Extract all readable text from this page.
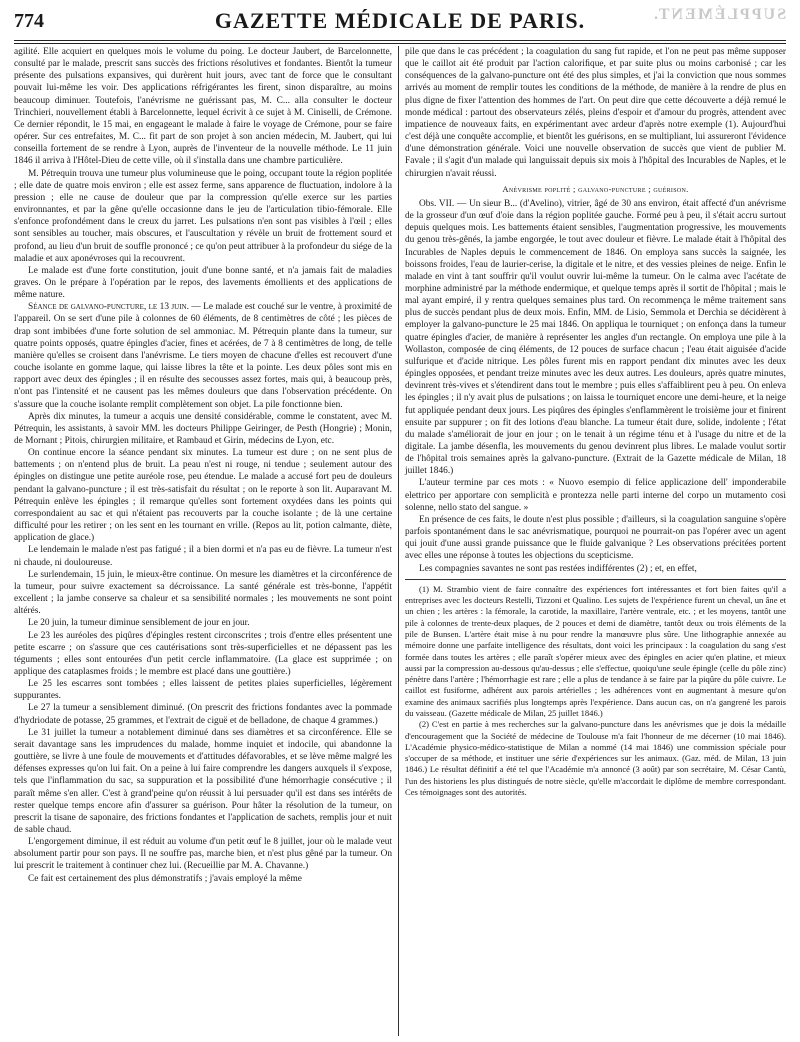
774	GAZETTE MÉDICALE DE PARIS.	SUPPLÉMENT.

agilité. Elle acquiert en quelques mois le volume du poing. Le docteur Jaubert, de Barcelonnette, consulté par le malade, prescrit sans succès des frictions résolutives et fondantes. Bientôt la tumeur présente des pulsations expansives, qui durèrent huit jours, avec tant de force que le consultant pouvait lui-même les voir. Des applications réfrigérantes les firent, sinon disparaître, au moins beaucoup diminuer. Toutefois, l'anévrisme ne guérissant pas, M. C... alla consulter le docteur Trinchieri, nouvellement établi à Barcelonnette, lequel écrivit à ce sujet à M. Ciniselli, de Crémone. Ce dernier répondit, le 15 mai, en engageant le malade à faire le voyage de Crémone, pour se faire opérer. Sur ces entrefaites, M. C... fit part de son projet à son ancien médecin, M. Jaubert, qui lui conseilla fortement de se rendre à Lyon, auprès de l'inventeur de la nouvelle méthode. Le 11 juin 1846 il arriva à l'Hôtel-Dieu de cette ville, où il s'installa dans une chambre particulière.

M. Pétrequin trouva une tumeur plus volumineuse que le poing, occupant toute la région poplitée ; elle date de quatre mois environ ; elle est assez ferme, sans apparence de fluctuation, indolore à la pression ; elle ne cause de douleur que par la compression qu'elle exerce sur les parties environnantes, et par la gêne qu'elle occasionne dans le jeu de l'articulation tibio-fémorale. Elle s'enfonce profondément dans le creux du jarret. Les pulsations n'en sont pas visibles à l'œil ; elles sont sensibles au toucher, mais obscures, et l'auscultation y révèle un bruit de frottement sourd et profond, au lieu d'un bruit de souffle prononcé ; ce qu'on peut attribuer à la profondeur du siége de la maladie et aux aponévroses qui la recouvrent.

Le malade est d'une forte constitution, jouit d'une bonne santé, et n'a jamais fait de maladies graves. On le prépare à l'opération par le repos, des lavements émollients et des applications de même nature.

Séance de galvano-puncture, le 13 juin. — Le malade est couché sur le ventre, à proximité de l'appareil. On se sert d'une pile à colonnes de 60 éléments, de 8 centimètres de côté ; les pièces de drap sont imbibées d'une forte solution de sel ammoniac. M. Pétrequin plante dans la tumeur, sur quatre points opposés, quatre épingles d'acier, fines et acérées, de 7 à 8 centimètres de long, de telle manière qu'elles se croisent dans l'anévrisme. Le tiers moyen de chacune d'elles est recouvert d'une couche isolante en gomme laque, qui laisse libres la tête et la pointe. Les deux pôles sont mis en rapport avec deux des épingles ; il en résulte des secousses assez fortes, mais qui, à beaucoup près, n'ont pas l'intensité et ne causent pas les mêmes douleurs que dans l'observation précédente. On s'assure que la couche isolante remplit complètement son objet. La pile fonctionne bien.

Après dix minutes, la tumeur a acquis une densité considérable, comme le constatent, avec M. Pétrequin, les assistants, à savoir MM. les docteurs Philippe Geiringer, de Pesth (Hongrie) ; Monin, de Mornant ; Pitois, chirurgien militaire, et Rambaud et Girin, médecins de Lyon, etc.

On continue encore la séance pendant six minutes. La tumeur est dure ; on ne sent plus de battements ; on n'entend plus de bruit. La peau n'est ni rouge, ni tendue ; seulement autour des épingles on distingue une petite auréole rose, peu étendue. Le malade a accusé fort peu de douleurs pendant la galvano-puncture ; il est très-satisfait du résultat ; on le reporte à son lit. Auparavant M. Pétrequin enlève les épingles ; il remarque qu'elles sont fortement oxydées dans les points qui correspondaient au sac et qui n'étaient pas recouverts par la couche isolante ; de là une certaine difficulté pour les retirer ; on les sent en les tournant en vrille. (Repos au lit, potion calmante, diète, application de glace.)

Le lendemain le malade n'est pas fatigué ; il a bien dormi et n'a pas eu de fièvre. La tumeur n'est ni chaude, ni douloureuse.

Le surlendemain, 15 juin, le mieux-être continue. On mesure les diamètres et la circonférence de la tumeur, pour suivre exactement sa décroissance. La santé générale est très-bonne, l'appétit excellent ; la jambe conserve sa chaleur et sa sensibilité normales ; les mouvements ne sont point altérés.

Le 20 juin, la tumeur diminue sensiblement de jour en jour.

Le 23 les auréoles des piqûres d'épingles restent circonscrites ; trois d'entre elles présentent une petite escarre ; on s'assure que ces cautérisations sont très-superficielles et ne dépassent pas les téguments ; elles sont entourées d'un petit cercle inflammatoire. (La glace est supprimée ; on applique des cataplasmes froids ; le membre est placé dans une gouttière.)

Le 25 les escarres sont tombées ; elles laissent de petites plaies superficielles, légèrement suppurantes.

Le 27 la tumeur a sensiblement diminué. (On prescrit des frictions fondantes avec la pommade d'hydriodate de potasse, 25 grammes, et l'extrait de ciguë et de belladone, de chaque 4 grammes.)

Le 31 juillet la tumeur a notablement diminué dans ses diamètres et sa circonférence. Elle se serait davantage sans les imprudences du malade, homme inquiet et indocile, qui abandonne la gouttière, se livre à une foule de mouvements et d'attitudes défavorables, et se lève même malgré les défenses expresses qu'on lui fait. On a peine à lui faire comprendre les dangers auxquels il s'expose, tels que l'inflammation du sac, sa suppuration et la possibilité d'une hémorrhagie consécutive ; il paraît même s'en aller. C'est à grand'peine qu'on réussit à lui persuader qu'il est dans ses intérêts de rester quelque temps encore afin d'assurer sa guérison. Pour hâter la résolution de la tumeur, on prescrit la tisane de saponaire, des frictions fondantes et l'application de sachets, remplis jour et nuit de sable chaud.

L'engorgement diminue, il est réduit au volume d'un petit œuf le 8 juillet, jour où le malade veut absolument partir pour son pays. Il ne souffre pas, marche bien, et n'est plus gêné par la tumeur. On lui prescrit le traitement à continuer chez lui. (Recueillie par M. A. Chavanne.)

Ce fait est certainement des plus démonstratifs ; j'avais employé la même

pile que dans le cas précédent ; la coagulation du sang fut rapide, et l'on ne peut pas même supposer que le caillot ait été produit par l'action caloriﬁque, et par suite plus ou moins carbonisé ; car les conséquences de la galvano-puncture ont été des plus simples, et j'ai la conviction que nous sommes arrivés au moment de remplir toutes les conditions de la méthode, de manière à la rendre de plus en plus digne de fixer l'attention des hommes de l'art. On peut dire que cette découverte a déjà remué le monde médical : partout des observateurs zélés, pleins d'espoir et d'amour du progrès, attendent avec impatience de nouveaux faits, en expérimentant avec ardeur d'après notre exemple (1). Aujourd'hui c'est déjà une conquête accomplie, et bientôt les guérisons, en se multipliant, lui assureront l'évidence d'une démonstration générale. Voici une nouvelle observation de succès que vient de publier M. Favale ; il s'agit d'un malade qui languissait depuis six mois à l'hôpital des Incurables de Naples, et le chirurgien n'avait réussi.

Anévrisme poplité ; galvano-puncture ; guérison.

Obs. VII. — Un sieur B... (d'Avelino), vitrier, âgé de 30 ans environ, était affecté d'un anévrisme de la grosseur d'un œuf d'oie dans la région poplitée gauche. Formé peu à peu, il s'était accru surtout depuis quelques mois. Les battements étaient sensibles, l'augmentation progressive, les mouvements du genou très-gênés, la jambe engorgée, le tout avec douleur et fièvre. Le malade était à l'hôpital des Incurables de Naples depuis le commencement de 1846. On employa sans succès la saignée, les boissons froides, l'eau de laurier-cerise, la digitale et le nitre, et des vessies pleines de neige. Enfin le malade en vint à tant souffrir qu'il voulut ouvrir lui-même la tumeur. On le calma avec l'acétate de morphine administré par la méthode endermique, et quelque temps après il sortit de l'hôpital ; mais le mal ayant empiré, il y rentra quelques semaines plus tard. On recommença le même traitement sans plus de succès pendant plus de deux mois. Enfin, MM. de Lisio, Semmola et Derchia se décidèrent à employer la galvano-puncture le 25 mai 1846. On appliqua le tourniquet ; on enfonça dans la tumeur quatre épingles d'acier, de manière à représenter les angles d'un rectangle. On employa une pile à la Wollaston, composée de cinq éléments, de 12 pouces de surface chacun ; l'eau était aiguisée d'acide sulfurique et d'acide nitrique. Les pôles furent mis en rapport pendant dix minutes avec les deux épingles opposées, et pendant treize minutes avec les deux autres. Les douleurs, après quatre minutes, devinrent très-vives et s'étendirent dans tout le membre ; puis elles s'affaiblirent peu à peu. On enleva les épingles ; il n'y avait plus de pulsations ; on laissa le tourniquet encore une demi-heure, et la neige fut appliquée pendant deux jours. Les piqûres des épingles s'enflammèrent le troisième jour et finirent ensuite par suppurer ; on fit des lotions d'eau blanche. La tumeur était dure, solide, indolente ; l'état du malade s'améliorait de jour en jour ; on le tenait à un régime ténu et à l'usage du nitre et de la digitale. La jambe désenfla, les mouvements du genou devinrent plus libres. Le malade voulut sortir de l'hôpital trois semaines après la galvano-puncture. (Extrait de la Gazette médicale de Milan, 18 juillet 1846.)

L'auteur termine par ces mots : « Nuovo esempio di felice applicazione dell' imponderabile elettrico per apportare con semplicità e prontezza nelle parti interne del corpo un mutamento così solenne, nello stato del sangue. »

En présence de ces faits, le doute n'est plus possible ; d'ailleurs, si la coagulation sanguine s'opère parfois spontanément dans le sac anévrismatique, pourquoi ne pourrait-on pas l'opérer avec un agent qui jouit d'une aussi grande puissance que le fluide galvanique ? Les observations précitées portent avec elles une réponse à toutes les objections du scepticisme.

Les compagnies savantes ne sont pas restées indifférentes (2) ; et, en effet,

(1) M. Strambio vient de faire connaître des expériences fort intéressantes et fort bien faites qu'il a entreprises avec les docteurs Restelli, Tizzoni et Qualino. Les sujets de l'expérience furent un cheval, un âne et un chien ; les artères : la fémorale, la carotide, la maxillaire, l'artère ventrale, etc. ; et les moyens, tantôt une pile à colonnes de trente-deux plaques, de 2 pouces et demi de diamètre, tantôt deux ou trois éléments de la pile de Bunsen. L'artère était mise à nu pour rendre la manœuvre plus sûre. Une lithographie annexée au mémoire donne une parfaite intelligence des résultats, dont voici les principaux : la coagulation du sang s'est formée dans toutes les artères ; elle paraît s'opérer mieux avec des épingles en acier qu'en platine, et mieux aussi par la compression au-dessous qu'au-dessus ; elle s'effectue, quoiqu'une seule épingle (celle du pôle zinc) pénètre dans l'artère ; l'hémorrhagie est rare ; elle a plus de tendance à se faire par la piqûre du pôle cuivre. Le caillot est fusiforme, adhérent aux parois artérielles ; les adhérences vont en augmentant à mesure qu'on examine des animaux sacrifiés plus longtemps après l'expérience. Dans aucun cas, on n'a gangrené les parois du vaisseau. (Gazette médicale de Milan, 25 juillet 1846.)

(2) C'est en partie à mes recherches sur la galvano-puncture dans les anévrismes que je dois la médaille d'encouragement que la Société de médecine de Toulouse m'a fait l'honneur de me décerner (10 mai 1846). L'Académie physico-médico-statistique de Milan a nommé (14 mai 1846) une commission spéciale pour s'occuper de sa méthode, et instituer une série d'expériences sur les animaux. (Gaz. méd. de Milan, 13 juin 1846.) Le résultat définitif a été tel que l'Académie m'a annoncé (3 août) par son secrétaire, M. César Cantù, l'un des historiens les plus distingués de notre siècle, qu'elle m'accordait le diplôme de membre correspondant. Ces témoignages sont des autorités.
